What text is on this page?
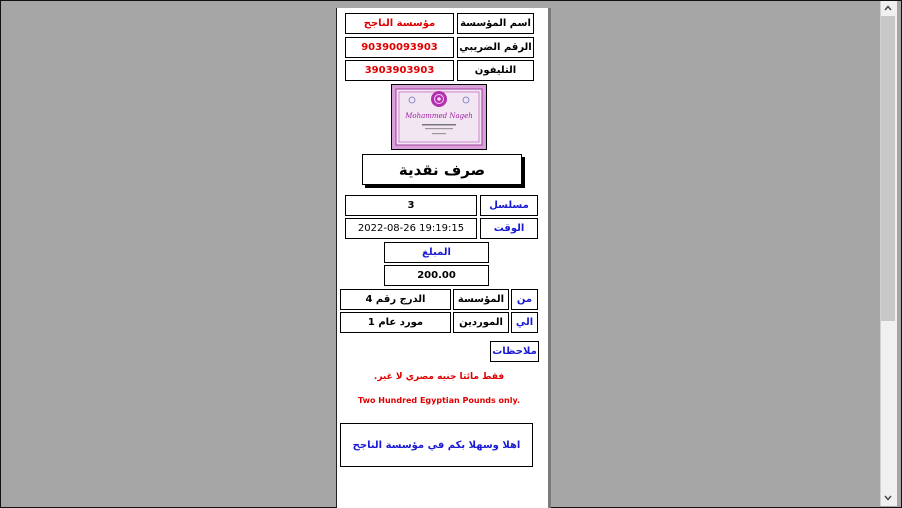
اسم المؤسسة
مؤسسة الناجح
الرقم الضريبي
90390093903
التليفون
3903903903
Mohammed Nageh
صرف نقدية
مسلسل
3
الوقت
2022-08-26 19:19:15
المبلغ
200.00
من
المؤسسة
الدرج رقم 4
الي
الموردين
مورد عام 1
ملاحظات
فقط مائتا جنيه مصري لا غير.
Two Hundred Egyptian Pounds only.
اهلا وسهلا بكم في مؤسسة الناجح
